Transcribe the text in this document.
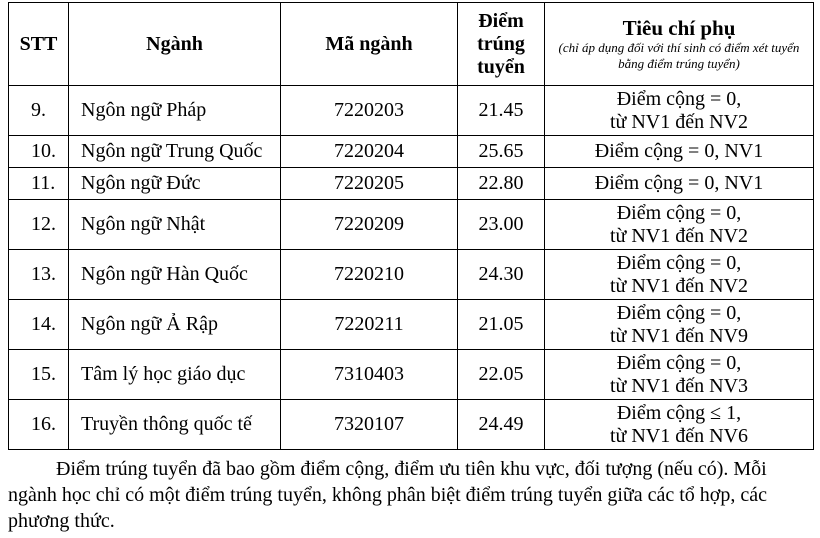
STT	Ngành	Mã ngành	Điểm trúng tuyển	Tiêu chí phụ
(chỉ áp dụng đối với thí sinh có điểm xét tuyển bằng điểm trúng tuyển)

9.	Ngôn ngữ Pháp	7220203	21.45	Điểm cộng = 0,
từ NV1 đến NV2

10.	Ngôn ngữ Trung Quốc	7220204	25.65	Điểm cộng = 0, NV1

11.	Ngôn ngữ Đức	7220205	22.80	Điểm cộng = 0, NV1

12.	Ngôn ngữ Nhật	7220209	23.00	Điểm cộng = 0,
từ NV1 đến NV2

13.	Ngôn ngữ Hàn Quốc	7220210	24.30	Điểm cộng = 0,
từ NV1 đến NV2

14.	Ngôn ngữ Ả Rập	7220211	21.05	Điểm cộng = 0,
từ NV1 đến NV9

15.	Tâm lý học giáo dục	7310403	22.05	Điểm cộng = 0,
từ NV1 đến NV3

16.	Truyền thông quốc tế	7320107	24.49	Điểm cộng ≤ 1,
từ NV1 đến NV6

Điểm trúng tuyển đã bao gồm điểm cộng, điểm ưu tiên khu vực, đối tượng (nếu có). Mỗi ngành học chỉ có một điểm trúng tuyển, không phân biệt điểm trúng tuyển giữa các tổ hợp, các phương thức.
